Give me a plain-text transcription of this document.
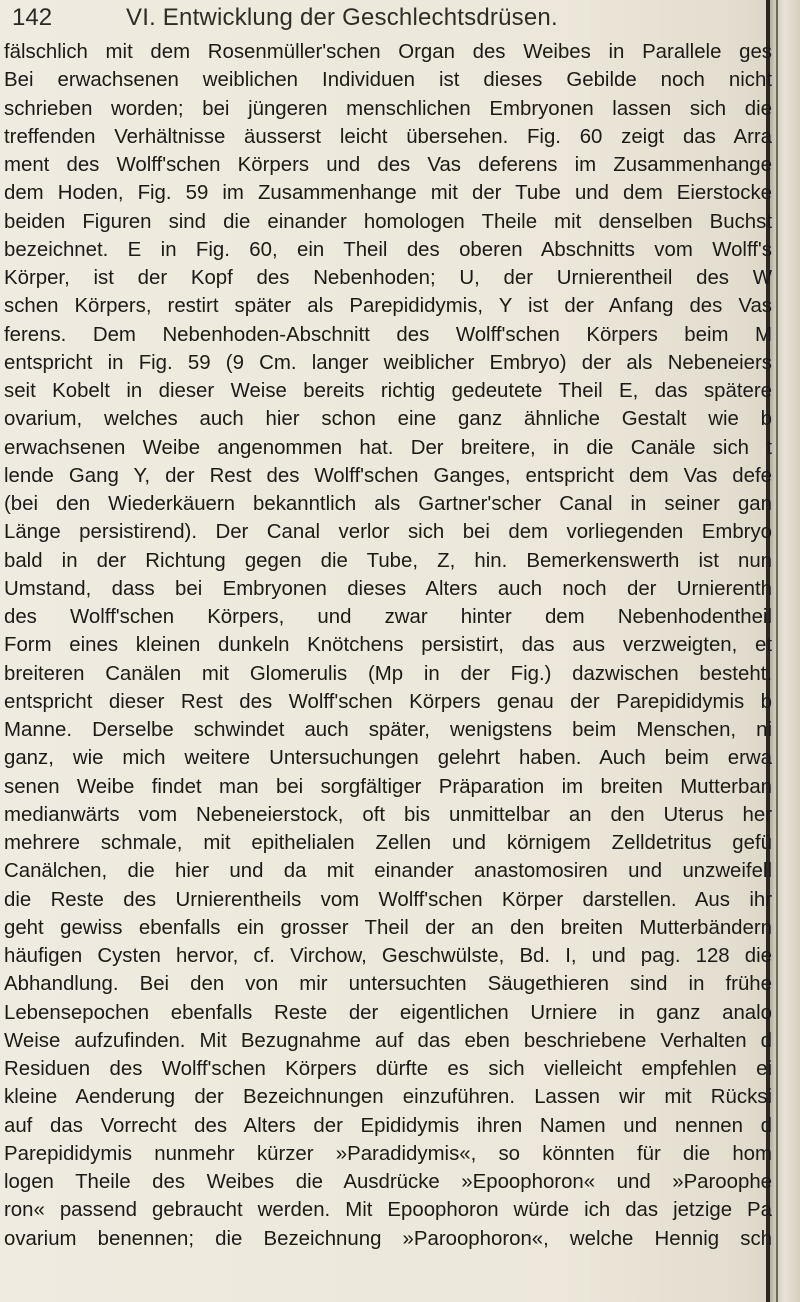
142	VI. Entwicklung der Geschlechtsdrüsen.
fälschlich mit dem Rosenmüller'schen Organ des Weibes in Parallele ges
Bei erwachsenen weiblichen Individuen ist dieses Gebilde noch nicht
schrieben worden; bei jüngeren menschlichen Embryonen lassen sich die
treffenden Verhältnisse äusserst leicht übersehen. Fig. 60 zeigt das Arra
ment des Wolff'schen Körpers und des Vas deferens im Zusammenhange
dem Hoden, Fig. 59 im Zusammenhange mit der Tube und dem Eierstocke
beiden Figuren sind die einander homologen Theile mit denselben Buchst
bezeichnet. E in Fig. 60, ein Theil des oberen Abschnitts vom Wolff's
Körper, ist der Kopf des Nebenhoden; U, der Urnierentheil des W
schen Körpers, restirt später als Parepididymis, Y ist der Anfang des Vas
ferens. Dem Nebenhoden-Abschnitt des Wolff'schen Körpers beim M
entspricht in Fig. 59 (9 Cm. langer weiblicher Embryo) der als Nebeneiers
seit Kobelt in dieser Weise bereits richtig gedeutete Theil E, das spätere
ovarium, welches auch hier schon eine ganz ähnliche Gestalt wie b
erwachsenen Weibe angenommen hat. Der breitere, in die Canäle sich t
lende Gang Y, der Rest des Wolff'schen Ganges, entspricht dem Vas defe
(bei den Wiederkäuern bekanntlich als Gartner'scher Canal in seiner gan
Länge persistirend). Der Canal verlor sich bei dem vorliegenden Embryo
bald in der Richtung gegen die Tube, Z, hin. Bemerkenswerth ist nun
Umstand, dass bei Embryonen dieses Alters auch noch der Urnierenth
des Wolff'schen Körpers, und zwar hinter dem Nebenhodentheil
Form eines kleinen dunkeln Knötchens persistirt, das aus verzweigten, et
breiteren Canälen mit Glomerulis (Mp in der Fig.) dazwischen besteht.
entspricht dieser Rest des Wolff'schen Körpers genau der Parepididymis b
Manne. Derselbe schwindet auch später, wenigstens beim Menschen, ni
ganz, wie mich weitere Untersuchungen gelehrt haben. Auch beim erwa
senen Weibe findet man bei sorgfältiger Präparation im breiten Mutterban
medianwärts vom Nebeneierstock, oft bis unmittelbar an den Uterus her
mehrere schmale, mit epithelialen Zellen und körnigem Zelldetritus gefü
Canälchen, die hier und da mit einander anastomosiren und unzweifell
die Reste des Urnierentheils vom Wolff'schen Körper darstellen. Aus ihr
geht gewiss ebenfalls ein grosser Theil der an den breiten Mutterbändern
häufigen Cysten hervor, cf. Virchow, Geschwülste, Bd. I, und pag. 128 die
Abhandlung. Bei den von mir untersuchten Säugethieren sind in frühe
Lebensepochen ebenfalls Reste der eigentlichen Urniere in ganz analo
Weise aufzufinden. Mit Bezugnahme auf das eben beschriebene Verhalten d
Residuen des Wolff'schen Körpers dürfte es sich vielleicht empfehlen ei
kleine Aenderung der Bezeichnungen einzuführen. Lassen wir mit Rücksi
auf das Vorrecht des Alters der Epididymis ihren Namen und nennen d
Parepididymis nunmehr kürzer »Paradidymis«, so könnten für die hom
logen Theile des Weibes die Ausdrücke »Epoophoron« und »Paroophe
ron« passend gebraucht werden. Mit Epoophoron würde ich das jetzige Pa
ovarium benennen; die Bezeichnung »Paroophoron«, welche Hennig sch
